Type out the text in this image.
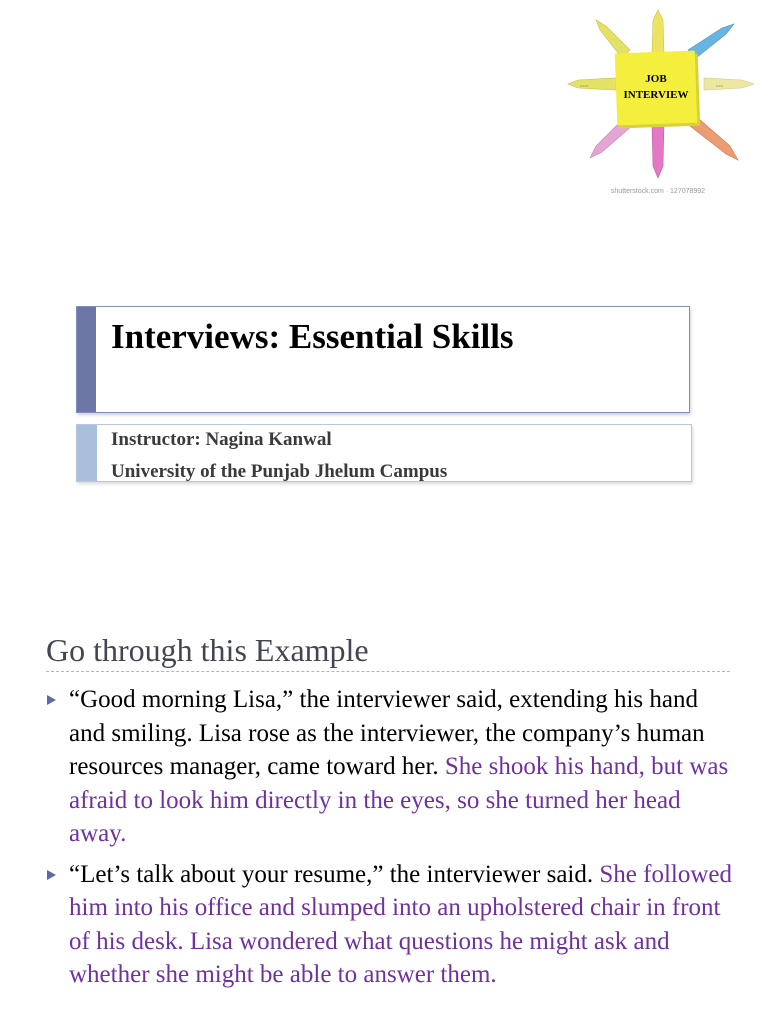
••••••	•••••
JOB
INTERVIEW
shutterstock.com · 127078992
Interviews: Essential Skills

Instructor: Nagina Kanwal

University of the Punjab Jhelum Campus

Go through this Example
“Good morning Lisa,” the interviewer said, extending his hand and smiling. Lisa rose as the interviewer, the company’s human resources manager, came toward her. She shook his hand, but was afraid to look him directly in the eyes, so she turned her head away.
“Let’s talk about your resume,” the interviewer said. She followed him into his office and slumped into an upholstered chair in front of his desk. Lisa wondered what questions he might ask and whether she might be able to answer them.
